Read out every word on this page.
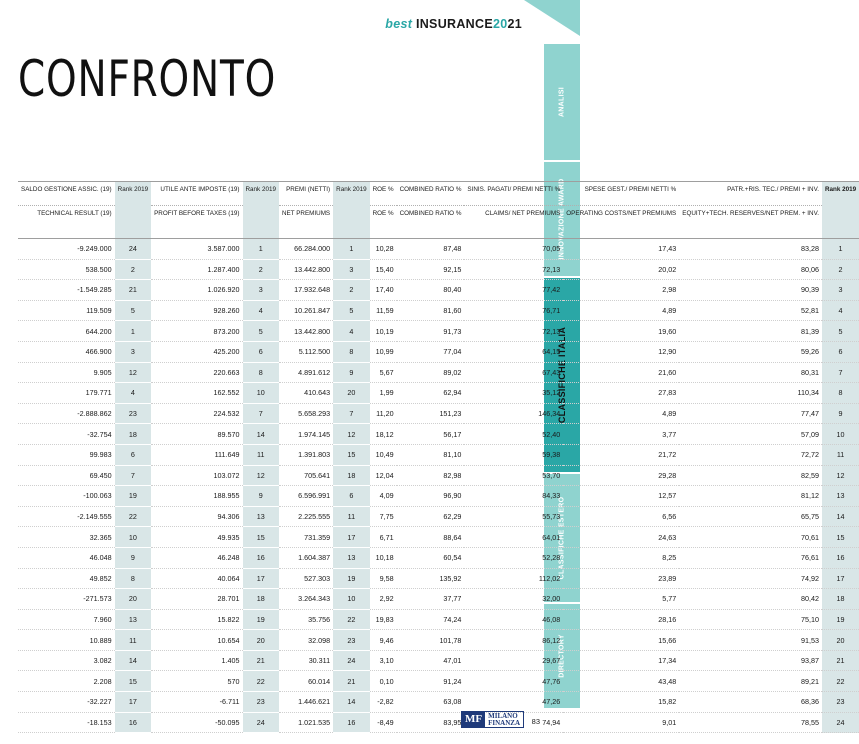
best INSURANCE2021
CONFRONTO	ANALISI
INNOVAZIONE AWARD
CLASSIFICHE ITALIA
CLASSIFICHE ESTERO
DIRECTORY
SALDO GESTIONE ASSIC. (19)	Rank 2019	UTILE ANTE IMPOSTE (19)	Rank 2019	PREMI (NETTI)	Rank 2019	ROE %	COMBINED RATIO %	SINIS. PAGATI/ PREMI NETTI %	SPESE GEST./ PREMI NETTI %	PATR.+RIS. TEC./ PREMI + INV.	Rank 2019
TECHNICAL RESULT (19)		PROFIT BEFORE TAXES (19)		NET PREMIUMS		ROE %	COMBINED RATIO %	CLAIMS/ NET PREMIUMS	OPERATING COSTS/NET PREMIUMS	EQUITY+TECH. RESERVES/NET PREM. + INV.	
-9.249.000	24	3.587.000	1	66.284.000	1	10,28	87,48	70,05	17,43	83,28	1
538.500	2	1.287.400	2	13.442.800	3	15,40	92,15	72,13	20,02	80,06	2
-1.549.285	21	1.026.920	3	17.932.648	2	17,40	80,40	77,42	2,98	90,39	3
119.509	5	928.260	4	10.261.847	5	11,59	81,60	76,71	4,89	52,81	4
644.200	1	873.200	5	13.442.800	4	10,19	91,73	72,13	19,60	81,39	5
466.900	3	425.200	6	5.112.500	8	10,99	77,04	64,15	12,90	59,26	6
9.905	12	220.663	8	4.891.612	9	5,67	89,02	67,43	21,60	80,31	7
179.771	4	162.552	10	410.643	20	1,99	62,94	35,12	27,83	110,34	8
-2.888.862	23	224.532	7	5.658.293	7	11,20	151,23	146,34	4,89	77,47	9
-32.754	18	89.570	14	1.974.145	12	18,12	56,17	52,40	3,77	57,09	10
99.983	6	111.649	11	1.391.803	15	10,49	81,10	59,38	21,72	72,72	11
69.450	7	103.072	12	705.641	18	12,04	82,98	53,70	29,28	82,59	12
-100.063	19	188.955	9	6.596.991	6	4,09	96,90	84,33	12,57	81,12	13
-2.149.555	22	94.306	13	2.225.555	11	7,75	62,29	55,73	6,56	65,75	14
32.365	10	49.935	15	731.359	17	6,71	88,64	64,01	24,63	70,61	15
46.048	9	46.248	16	1.604.387	13	10,18	60,54	52,28	8,25	76,61	16
49.852	8	40.064	17	527.303	19	9,58	135,92	112,02	23,89	74,92	17
-271.573	20	28.701	18	3.264.343	10	2,92	37,77	32,00	5,77	80,42	18
7.960	13	15.822	19	35.756	22	19,83	74,24	46,08	28,16	75,10	19
10.889	11	10.654	20	32.098	23	9,46	101,78	86,12	15,66	91,53	20
3.082	14	1.405	21	30.311	24	3,10	47,01	29,67	17,34	93,87	21
2.208	15	570	22	60.014	21	0,10	91,24	47,76	43,48	89,21	22
-32.227	17	-6.711	23	1.446.621	14	-2,82	63,08	47,26	15,82	68,36	23
-18.153	16	-50.095	24	1.021.535	16	-8,49	83,95	74,94	9,01	78,55	24
MF MILANO
FINANZA 83
